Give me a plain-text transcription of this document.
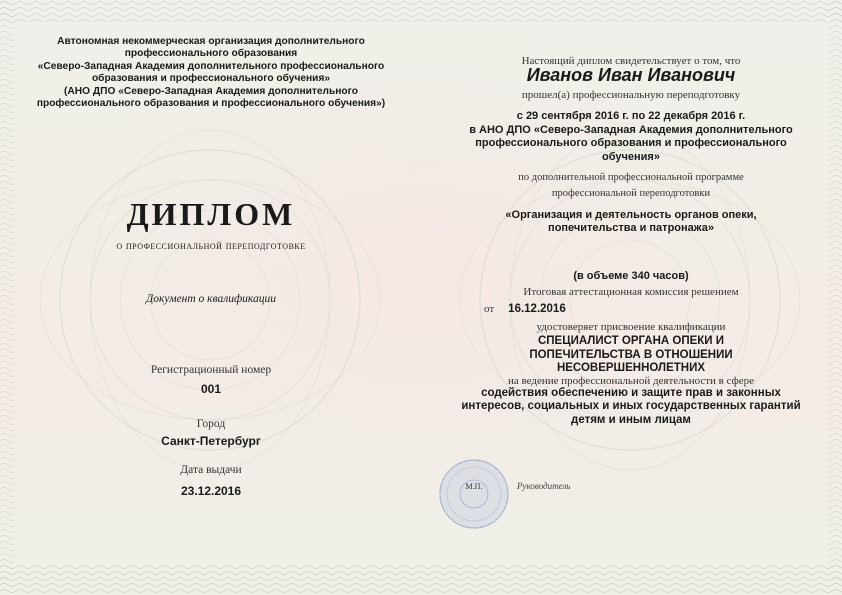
Автономная некоммерческая организация дополнительного
профессионального образования
«Северо-Западная Академия дополнительного профессионального
образования и профессионального обучения»
(АНО ДПО «Северо-Западная Академия дополнительного
профессионального образования и профессионального обучения»)
ДИПЛОМ
о профессиональной переподготовке
Документ о квалификации
Регистрационный номер
001
Город
Санкт-Петербург
Дата выдачи
23.12.2016
Настоящий диплом свидетельствует о том, что
Иванов Иван Иванович
прошел(а) профессиональную переподготовку
с 29 сентября 2016 г. по 22 декабря 2016 г.
в АНО ДПО «Северо-Западная Академия дополнительного
профессионального образования и профессионального
обучения»
по дополнительной профессиональной программе
профессиональной переподготовки
«Организация и деятельность органов опеки,
попечительства и патронажа»
(в объеме 340 часов)
Итоговая аттестационная комиссия решением
от 16.12.2016
удостоверяет присвоение квалификации
СПЕЦИАЛИСТ ОРГАНА ОПЕКИ И
ПОПЕЧИТЕЛЬСТВА В ОТНОШЕНИИ
НЕСОВЕРШЕННОЛЕТНИХ
на ведение профессиональной деятельности в сфере
содействия обеспечению и защите прав и законных
интересов, социальных и иных государственных гарантий
детям и иным лицам
М.П.	Руководитель
